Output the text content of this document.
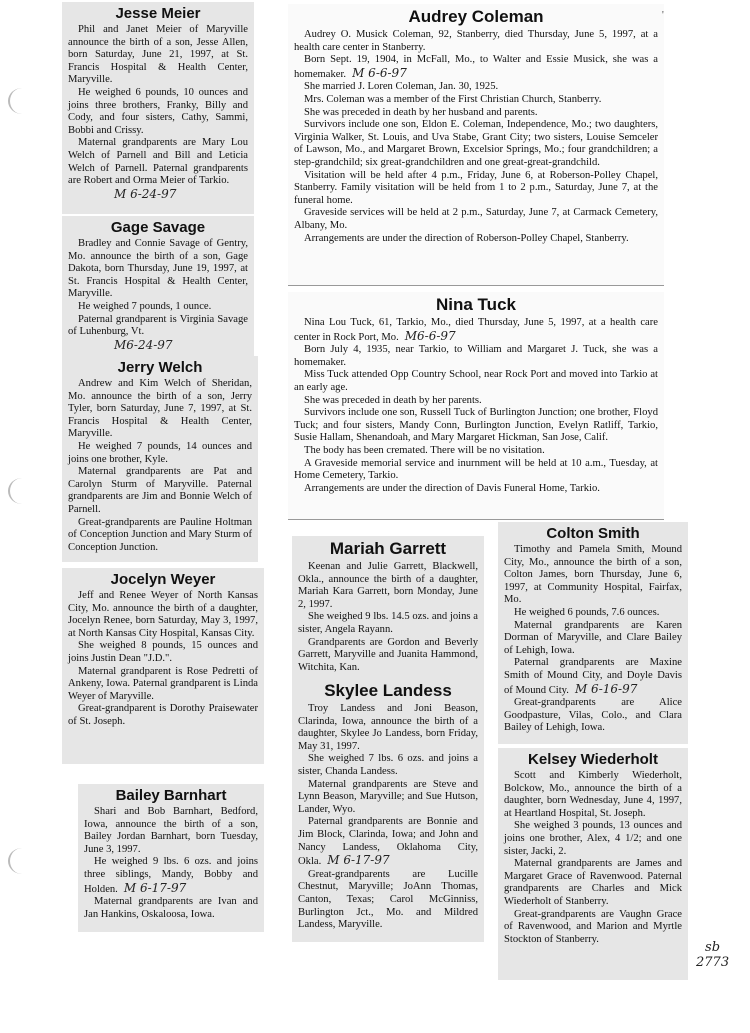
Jesse Meier

Phil and Janet Meier of Maryville announce the birth of a son, Jesse Allen, born Saturday, June 21, 1997, at St. Francis Hospital & Health Center, Maryville.

He weighed 6 pounds, 10 ounces and joins three brothers, Franky, Billy and Cody, and four sisters, Cathy, Sammi, Bobbi and Crissy.

Maternal grandparents are Mary Lou Welch of Parnell and Bill and Leticia Welch of Parnell. Paternal grandparents are Robert and Orma Meier of Tarkio.

M 6-24-97
Gage Savage

Bradley and Connie Savage of Gentry, Mo. announce the birth of a son, Gage Dakota, born Thursday, June 19, 1997, at St. Francis Hospital & Health Center, Maryville.

He weighed 7 pounds, 1 ounce.

Paternal grandparent is Virginia Savage of Luhenburg, Vt.

M6-24-97
Jerry Welch

Andrew and Kim Welch of Sheridan, Mo. announce the birth of a son, Jerry Tyler, born Saturday, June 7, 1997, at St. Francis Hospital & Health Center, Maryville.

He weighed 7 pounds, 14 ounces and joins one brother, Kyle.

Maternal grandparents are Pat and Carolyn Sturm of Maryville. Paternal grandparents are Jim and Bonnie Welch of Parnell.

Great-grandparents are Pauline Holtman of Conception Junction and Mary Sturm of Conception Junction.

Jocelyn Weyer

Jeff and Renee Weyer of North Kansas City, Mo. announce the birth of a daughter, Jocelyn Renee, born Saturday, May 3, 1997, at North Kansas City Hospital, Kansas City.

She weighed 8 pounds, 15 ounces and joins Justin Dean "J.D.".

Maternal grandparent is Rose Pedretti of Ankeny, Iowa. Paternal grandparent is Linda Weyer of Maryville.

Great-grandparent is Dorothy Praisewater of St. Joseph.

Bailey Barnhart

Shari and Bob Barnhart, Bedford, Iowa, announce the birth of a son, Bailey Jordan Barnhart, born Tuesday, June 3, 1997.

He weighed 9 lbs. 6 ozs. and joins three siblings, Mandy, Bobby and Holden. M 6-17-97

Maternal grandparents are Ivan and Jan Hankins, Oskaloosa, Iowa.

Audrey Coleman

Audrey O. Musick Coleman, 92, Stanberry, died Thursday, June 5, 1997, at a health care center in Stanberry.

Born Sept. 19, 1904, in McFall, Mo., to Walter and Essie Musick, she was a homemaker. M 6-6-97

She married J. Loren Coleman, Jan. 30, 1925.

Mrs. Coleman was a member of the First Christian Church, Stanberry.

She was preceded in death by her husband and parents.

Survivors include one son, Eldon E. Coleman, Independence, Mo.; two daughters, Virginia Walker, St. Louis, and Uva Stabe, Grant City; two sisters, Louise Semceler of Lawson, Mo., and Margaret Brown, Excelsior Springs, Mo.; four grandchildren; a step-grandchild; six great-grandchildren and one great-great-grandchild.

Visitation will be held after 4 p.m., Friday, June 6, at Roberson-Polley Chapel, Stanberry. Family visitation will be held from 1 to 2 p.m., Saturday, June 7, at the funeral home.

Graveside services will be held at 2 p.m., Saturday, June 7, at Carmack Cemetery, Albany, Mo.

Arrangements are under the direction of Roberson-Polley Chapel, Stanberry.

'
Nina Tuck

Nina Lou Tuck, 61, Tarkio, Mo., died Thursday, June 5, 1997, at a health care center in Rock Port, Mo. M6-6-97

Born July 4, 1935, near Tarkio, to William and Margaret J. Tuck, she was a homemaker.

Miss Tuck attended Opp Country School, near Rock Port and moved into Tarkio at an early age.

She was preceded in death by her parents.

Survivors include one son, Russell Tuck of Burlington Junction; one brother, Floyd Tuck; and four sisters, Mandy Conn, Burlington Junction, Evelyn Ratliff, Tarkio, Susie Hallam, Shenandoah, and Mary Margaret Hickman, San Jose, Calif.

The body has been cremated. There will be no visitation.

A Graveside memorial service and inurnment will be held at 10 a.m., Tuesday, at Home Cemetery, Tarkio.

Arrangements are under the direction of Davis Funeral Home, Tarkio.

Mariah Garrett

Keenan and Julie Garrett, Blackwell, Okla., announce the birth of a daughter, Mariah Kara Garrett, born Monday, June 2, 1997.

She weighed 9 lbs. 14.5 ozs. and joins a sister, Angela Rayann.

Grandparents are Gordon and Beverly Garrett, Maryville and Juanita Hammond, Witchita, Kan.

Skylee Landess

Troy Landess and Joni Beason, Clarinda, Iowa, announce the birth of a daughter, Skylee Jo Landess, born Friday, May 31, 1997.

She weighed 7 lbs. 6 ozs. and joins a sister, Chanda Landess.

Maternal grandparents are Steve and Lynn Beason, Maryville; and Sue Hutson, Lander, Wyo.

Paternal grandparents are Bonnie and Jim Block, Clarinda, Iowa; and John and Nancy Landess, Oklahoma City, Okla. M 6-17-97

Great-grandparents are Lucille Chestnut, Maryville; JoAnn Thomas, Canton, Texas; Carol McGinniss, Burlington Jct., Mo. and Mildred Landess, Maryville.

Colton Smith

Timothy and Pamela Smith, Mound City, Mo., announce the birth of a son, Colton James, born Thursday, June 6, 1997, at Community Hospital, Fairfax, Mo.

He weighed 6 pounds, 7.6 ounces.

Maternal grandparents are Karen Dorman of Maryville, and Clare Bailey of Lehigh, Iowa.

Paternal grandparents are Maxine Smith of Mound City, and Doyle Davis of Mound City. M 6-16-97

Great-grandparents are Alice Goodpasture, Vilas, Colo., and Clara Bailey of Lehigh, Iowa.

Kelsey Wiederholt

Scott and Kimberly Wiederholt, Bolckow, Mo., announce the birth of a daughter, born Wednesday, June 4, 1997, at Heartland Hospital, St. Joseph.

She weighed 3 pounds, 13 ounces and joins one brother, Alex, 4 1/2; and one sister, Jacki, 2.

Maternal grandparents are James and Margaret Grace of Ravenwood. Paternal grandparents are Charles and Mick Wiederholt of Stanberry.

Great-grandparents are Vaughn Grace of Ravenwood, and Marion and Myrtle Stockton of Stanberry.

sb
2773
